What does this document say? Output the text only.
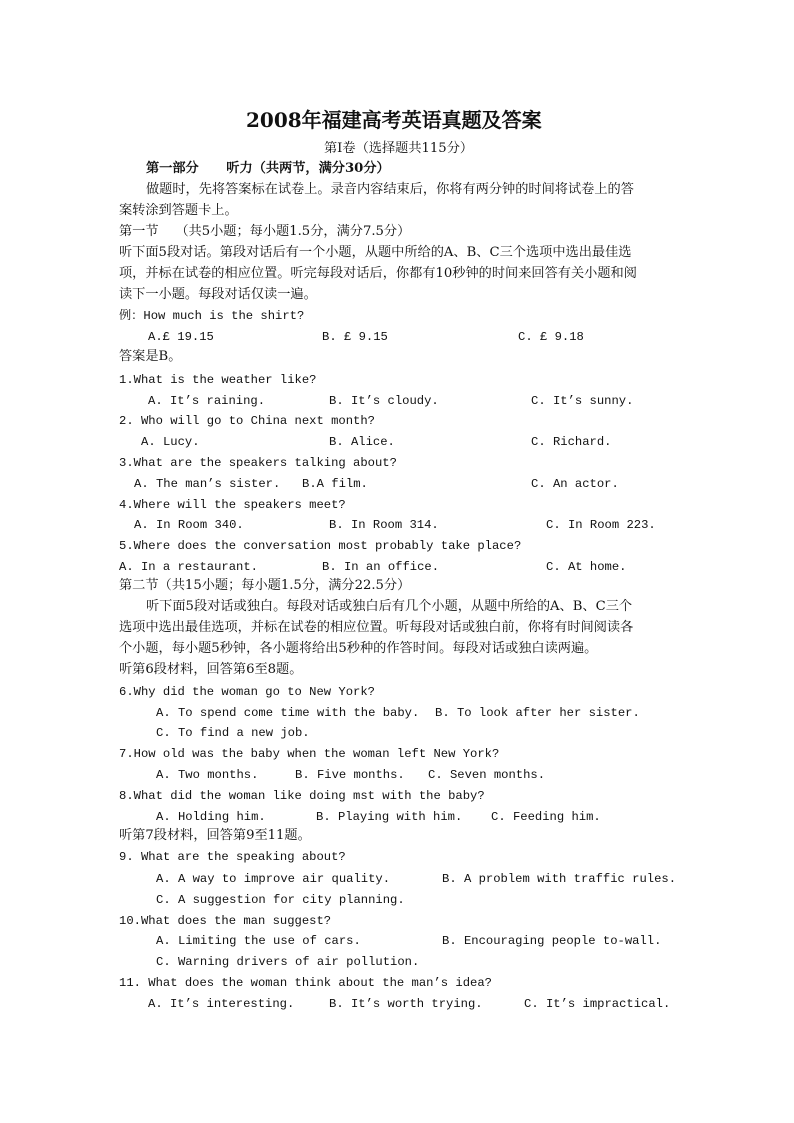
2008年福建高考英语真题及答案
第Ⅰ卷（选择题共115分）
第一部分      听力（共两节，满分30分）
做题时，先将答案标在试卷上。录音内容结束后，你将有两分钟的时间将试卷上的答
案转涂到答题卡上。
第一节    （共5小题；每小题1.5分，满分7.5分）
听下面5段对话。第段对话后有一个小题，从题中所给的A、B、C三个选项中选出最佳选
项，并标在试卷的相应位置。听完每段对话后，你都有10秒钟的时间来回答有关小题和阅
读下一小题。每段对话仅读一遍。
例：How much is the shirt?
A.£ 19.15	B. £ 9.15	C. £ 9.18
答案是B。
1.What is the weather like?
A. It’s raining.	B. It’s cloudy.	C. It’s sunny.
2. Who will go to China next month?
A. Lucy.	B. Alice.	C. Richard.
3.What are the speakers talking about?
A. The man’s sister. B.A film.	C. An actor.
4.Where will the speakers meet?
A. In Room 340.	B. In Room 314.	C. In Room 223.
5.Where does the conversation most probably take place?
A. In a restaurant.	B. In an office.	C. At home.
第二节（共15小题；每小题1.5分，满分22.5分）
听下面5段对话或独白。每段对话或独白后有几个小题，从题中所给的A、B、C三个
选项中选出最佳选项，并标在试卷的相应位置。听每段对话或独白前，你将有时间阅读各
个小题，每小题5秒钟，各小题将给出5秒种的作答时间。每段对话或独白读两遍。
听第6段材料，回答第6至8题。
6.Why did the woman go to New York?
A. To spend come time with the baby. B. To look after her sister.
C. To find a new job.
7.How old was the baby when the woman left New York?
A. Two months.	B. Five months. C. Seven months.
8.What did the woman like doing mst with the baby?
A. Holding him.	B. Playing with him. C. Feeding him.
听第7段材料，回答第9至11题。
9. What are the speaking about?
A. A way to improve air quality.	B. A problem with traffic rules.
C. A suggestion for city planning.
10.What does the man suggest?
A. Limiting the use of cars.	B. Encouraging people to-wall.
C. Warning drivers of air pollution.
11. What does the woman think about the man’s idea?
A. It’s interesting.	B. It’s worth trying.	C. It’s impractical.
